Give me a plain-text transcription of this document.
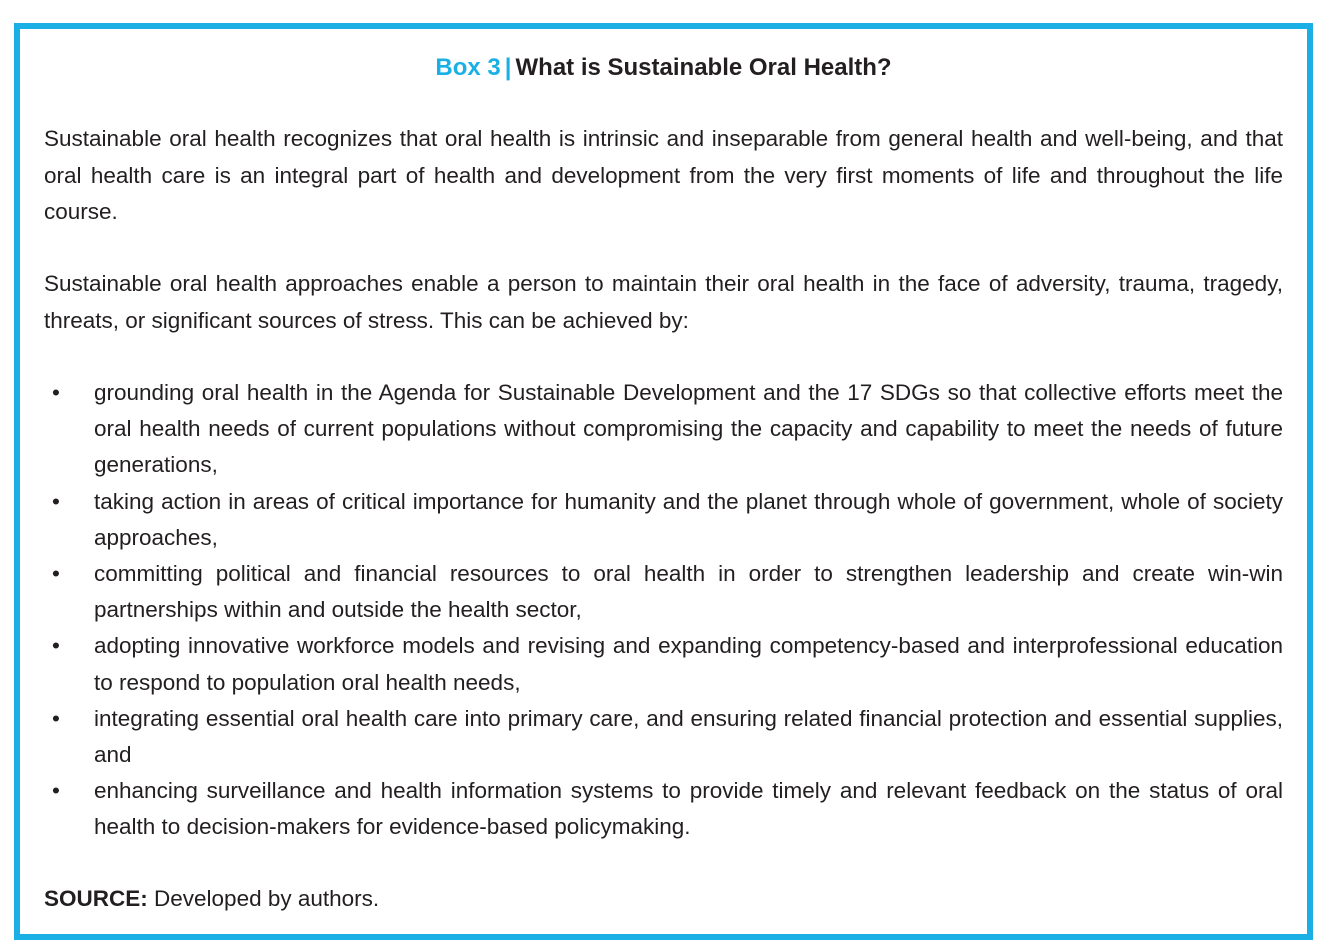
Box 3 | What is Sustainable Oral Health?
Sustainable oral health recognizes that oral health is intrinsic and inseparable from general health and well-being, and that oral health care is an integral part of health and development from the very first moments of life and throughout the life course.
Sustainable oral health approaches enable a person to maintain their oral health in the face of adversity, trauma, tragedy, threats, or significant sources of stress. This can be achieved by:
• grounding oral health in the Agenda for Sustainable Development and the 17 SDGs so that collective efforts meet the oral health needs of current populations without compromising the capacity and capability to meet the needs of future generations,
• taking action in areas of critical importance for humanity and the planet through whole of government, whole of society approaches,
• committing political and financial resources to oral health in order to strengthen leadership and create win-win partnerships within and outside the health sector,
• adopting innovative workforce models and revising and expanding competency-based and interprofessional education to respond to population oral health needs,
• integrating essential oral health care into primary care, and ensuring related financial protection and essential supplies, and
• enhancing surveillance and health information systems to provide timely and relevant feedback on the status of oral health to decision-makers for evidence-based policymaking.
SOURCE: Developed by authors.
